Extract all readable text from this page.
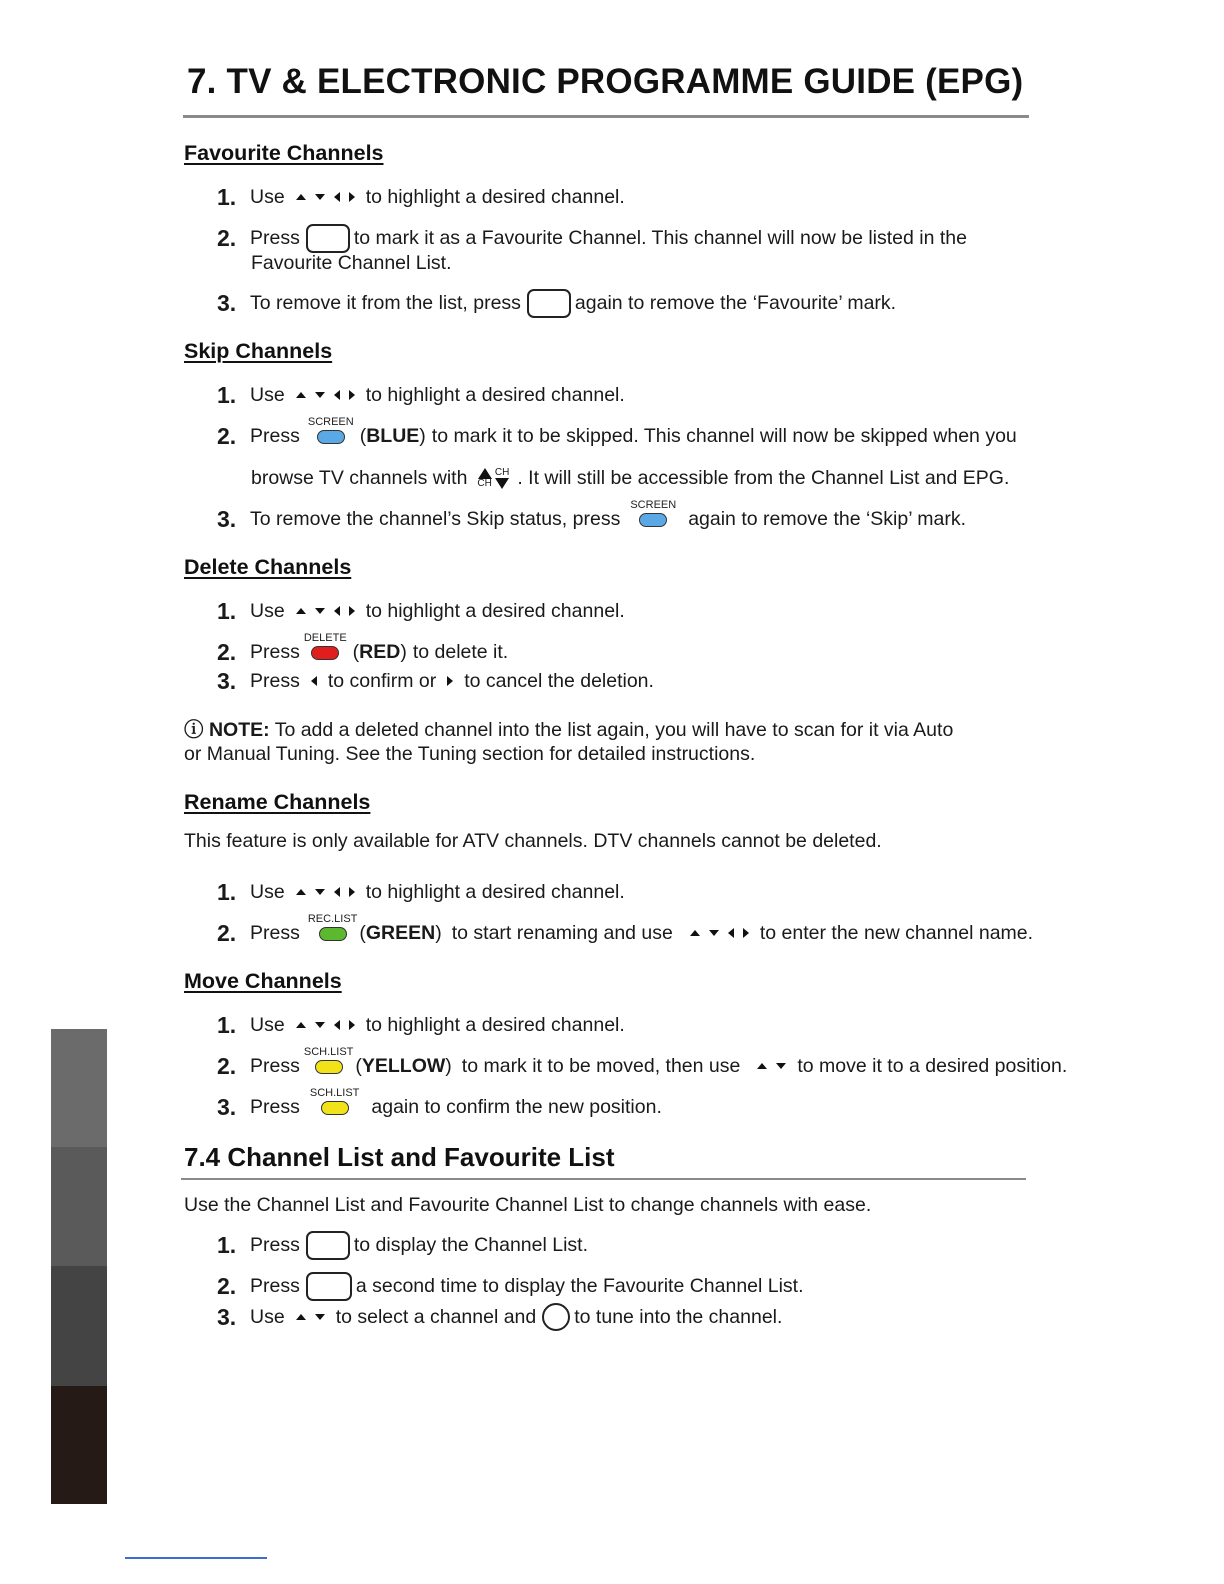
7. TV & ELECTRONIC PROGRAMME GUIDE (EPG)
Favourite Channels
1. Use	to highlight a desired channel.
2. Press	to mark it as a Favourite Channel. This channel will now be listed in the
Favourite Channel List.
3. To remove it from the list, press	again to remove the ‘Favourite’ mark.
Skip Channels
1. Use	to highlight a desired channel.
2. Press
SCREEN
(BLUE) to mark it to be skipped. This channel will now be skipped when you
browse TV channels with CH
CH . It will still be accessible from the Channel List and EPG.
3. To remove the channel’s Skip status, press
SCREEN
again to remove the ‘Skip’ mark.
Delete Channels
1. Use	to highlight a desired channel.
2. Press
DELETE
(RED) to delete it.
3. Press to confirm or to cancel the deletion.
ⓘ NOTE: To add a deleted channel into the list again, you will have to scan for it via Auto
or Manual Tuning. See the Tuning section for detailed instructions.
Rename Channels
This feature is only available for ATV channels. DTV channels cannot be deleted.
1. Use	to highlight a desired channel.
2. Press
REC.LIST
(GREEN) to start renaming and use	to enter the new channel name.
Move Channels
1. Use	to highlight a desired channel.
2. Press
SCH.LIST
(YELLOW) to mark it to be moved, then use	to move it to a desired position.
3. Press
SCH.LIST
again to confirm the new position.
7.4 Channel List and Favourite List
Use the Channel List and Favourite Channel List to change channels with ease.
1. Press	to display the Channel List.
2. Press	a second time to display the Favourite Channel List.
3. Use	to select a channel and to tune into the channel.
